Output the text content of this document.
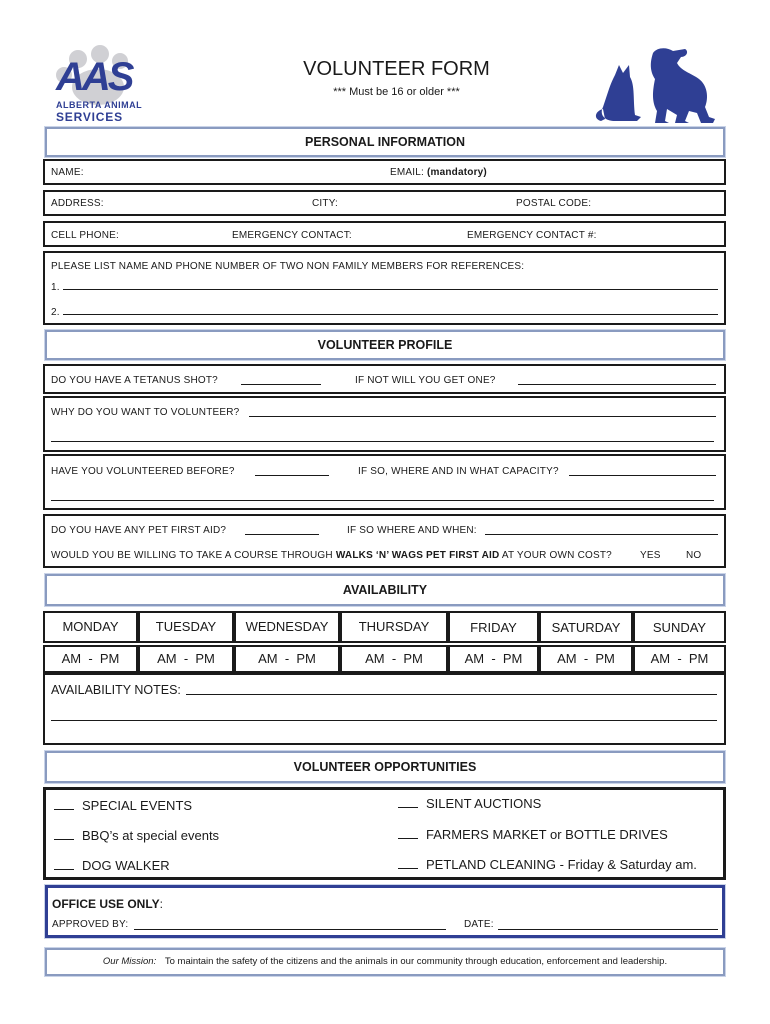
AAS
ALBERTA ANIMAL
SERVICES
VOLUNTEER FORM
*** Must be 16 or older ***
PERSONAL INFORMATION
NAME:	EMAIL: (mandatory)
ADDRESS:	CITY:	POSTAL CODE:
CELL PHONE:	EMERGENCY CONTACT:	EMERGENCY CONTACT #:
PLEASE LIST NAME AND PHONE NUMBER OF TWO NON FAMILY MEMBERS FOR REFERENCES:
1.
2.
VOLUNTEER PROFILE
DO YOU HAVE A TETANUS SHOT?	IF NOT WILL YOU GET ONE?
WHY DO YOU WANT TO VOLUNTEER?
HAVE YOU VOLUNTEERED BEFORE?	IF SO, WHERE AND IN WHAT CAPACITY?
DO YOU HAVE ANY PET FIRST AID?	IF SO WHERE AND WHEN:
WOULD YOU BE WILLING TO TAKE A COURSE THROUGH WALKS ‘N’ WAGS PET FIRST AID AT YOUR OWN COST?	YES	NO
AVAILABILITY
MONDAY	TUESDAY	WEDNESDAY	THURSDAY	FRIDAY	SATURDAY	SUNDAY
AM  -  PM	AM  -  PM	AM  -  PM	AM  -  PM	AM  -  PM	AM  -  PM	AM  -  PM
AVAILABILITY NOTES:
VOLUNTEER OPPORTUNITIES
SPECIAL EVENTS
BBQ’s at special events
DOG WALKER
SILENT AUCTIONS
FARMERS MARKET or BOTTLE DRIVES
PETLAND CLEANING - Friday & Saturday am.
OFFICE USE ONLY:
APPROVED BY:	DATE:
Our Mission: To maintain the safety of the citizens and the animals in our community through education, enforcement and leadership.
